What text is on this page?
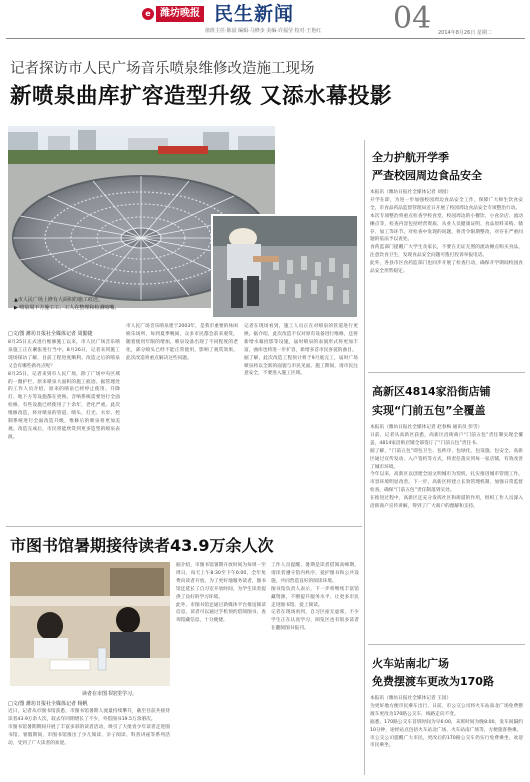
e 潍坊晚报 民生新闻	04
值班主任·陈晨 编辑·马修步 美编·许福莹 校对·王艳红	2014年8月26日 星期二
记者探访市人民广场音乐喷泉维修改造施工现场
新喷泉曲库扩容造型升级 又添水幕投影

▲市人民广场上修有大面积的施工痕迹。

▶ 喷泉周下方施工工、工人在整理和检测喷嘴。

□文/图 潍坊日报社全媒体记者 周勤捷

8月25日正式进行维修施工以来，市人民广场音乐喷泉施工正在紧张进行当中。8月26日，记者来到施工现场探访了解，目前工程进度顺利。改造之后的喷泉又会有哪些新亮点呢？

8月25日，记者来到市人民广场，除了广场中央区域的一圈护栏，原来喷泉大面积的施工痕迹。据管理处的工作人员介绍，原来的喷泉已经停止使用。升降灯、地下方等设施都在更换。音响系统需要进行全面检修，有些设施已经使用了十余年，老化严重。此次维修改造，将对喷泉的管道、喷头、灯光、水泵、控制系统进行全面改造升级，维修后的喷泉将更加美观。改造完成后，市民将能欣赏到更多造型的喷泉表演。

市人民广场音乐喷泉建于2003年，是我市重要的休闲娱乐场所，每到夏季晚间，众多市民都会前来观赏。随着使用年限的增加，喷泉设备出现了不同程度的老化，部分喷头已经不能正常使用，影响了观赏效果。此次改造将重点解决这些问题。

记者在现场看到，施工人员正在对喷泉的管道进行更换。据介绍，此次改造不仅对原有设备进行维修，还将新增水幕投影等设施，届时喷泉的表演形式将更加丰富，曲库也将进一步扩容，新增多首市民喜爱的曲目。

据了解，此次改造工程预计将于9月底完工，届时广场喷泉将以全新的面貌与市民见面。施工期间，请市民注意安全，不要进入施工区域。

市图书馆暑期接待读者43.9万余人次

读者在市图书馆里学习。

□文/图 潍坊日报社全媒体记者 杨帆

近日，记者从市图书馆获悉，市图书馆暑期人流量持续攀升，截至目前共接待读者43.9万余人次，较去年同期增长了不少，外借图书19.5万余册次。

市图书馆暑期期间开展了丰富多彩的读者活动，吸引了大批青少年读者走进图书馆。暑假期间，市图书馆推出了少儿阅读、亲子阅读、科普讲座等系列活动，受到了广大读者的欢迎。

据介绍，市图书馆暑期开放时间为每周一至周日，每天上午8:30至下午6:00，全年免费向读者开放。为了更好地服务读者，图书馆还延长了自习室开放时间，为学生读者提供了良好的学习环境。

此外，市图书馆还通过新媒体平台推送阅读信息，读者可以通过手机预约借阅图书，查询馆藏信息，十分便捷。

工作人员提醒，暑期是读者借阅高峰期，请读者遵守馆内秩序，爱护图书和公共设施，共同营造良好的阅读环境。

图书馆负责人表示，下一步将继续丰富馆藏资源，不断提升服务水平，让更多市民走进图书馆、爱上阅读。

记者在现场看到，自习区座无虚席，不少学生正在认真学习，阅览区也有很多读者在翻阅图书报刊。

全力护航开学季
严查校园周边食品安全

本报讯（潍坊日报社全媒体记者 刘园）

开学在即，为进一步加强校园周边食品安全工作，保障广大师生饮食安全，市食品药品监督管理局近日开展了校园周边食品安全专项整治行动。

本次专项整治将重点检查学校食堂、校园周边的小餐饮、小食杂店、流动摊点等，检查内容包括经营资质、从业人员健康证明、食品原料采购、储存、加工等环节。对检查中发现的问题，将责令限期整改，对存在严重问题的依法予以查处。

食药监部门提醒广大学生及家长，不要在无证无照的流动摊点购买食品，注意饮食卫生，发现食品安全问题可拨打投诉举报电话。

此外，各县市区食药监部门也同步开展了检查行动，确保开学期间校园食品安全形势稳定。

高新区4814家沿街店铺
实现“门前五包”全覆盖

本报讯（潍坊日报社全媒体记者 赵春梅 通讯员 彭雪）

日前，记者从高新区获悉，高新区沿街商户“门前五包”责任制实现全覆盖，4814家沿街店铺全部签订了“门前五包”责任书。

据了解，“门前五包”即包卫生、包秩序、包绿化、包设施、包安全。高新区通过宣传发动、入户签约等方式，将责任落实到每一家店铺，有效改善了城市环境。

今年以来，高新区以创建全国文明城市为契机，扎实推进城市管理工作，市容环境明显改善。下一步，高新区将建立长效管理机制，加强日常监督检查，确保“门前五包”责任制落到实处。

在推进过程中，高新区还充分发挥社区和街道的作用，组织工作人员深入沿街商户宣传讲解，得到了广大商户的理解和支持。

火车站南北广场
免费摆渡车更改为170路

本报讯（潍坊日报社全媒体记者 王园）

为更好地方便市民乘车出行，日前，市公交公司将火车站南北广场免费摆渡车更改为170路公交车，线路走向不变。

据悉，170路公交车首班时间为早6:00，末班时间为晚8:00，发车间隔约10分钟，途经站点包括火车站北广场、火车站南广场等，方便旅客换乘。

市公交公司提醒广大市民，更改后的170路公交车仍实行免费乘坐，欢迎市民乘坐。
